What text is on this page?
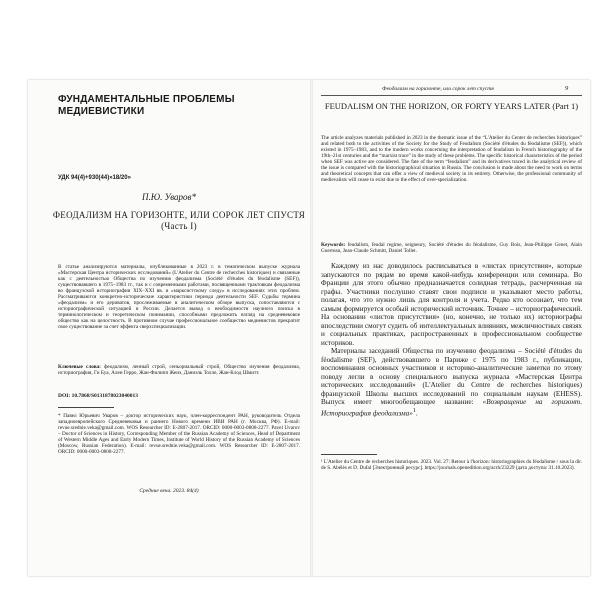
ФУНДАМЕНТАЛЬНЫЕ ПРОБЛЕМЫ МЕДИЕВИСТИКИ
УДК 94(4)+930(44)»18/20»
П.Ю. Уваров*
ФЕОДАЛИЗМ НА ГОРИЗОНТЕ, ИЛИ СОРОК ЛЕТ СПУСТЯ (Часть I)
В статье анализируются материалы, опубликованные в 2023 г. в тематическом выпуске журнала «Мастерская Центра исторических исследований» (L'Atelier du Centre de recherches historiques) и связанные как с деятельностью Общества по изучению феодализма (Société d'études du féodalisme (SEF)), существовавшего в 1975–1983 гг., так и с современными работами, посвященными трактовкам феодализма во французской историографии XIX–XXI вв. и «марксистскому следу» в исследованиях этих проблем. Рассматриваются конкретно-исторические характеристики периода деятельности SEF. Судьбы термина «феодализм» и его дериватов, прослеживаемые в аналитическом обзоре выпуска, сопоставляются с историографической ситуацией в России. Делается вывод о необходимости научного поиска в терминологическом и теоретическом понимании, способными предложить взгляд на средневековое общество как на целостность. В противном случае профессиональное сообщество медиевистов прекратит свое существование за счет эффекта сверхспециализации.
Ключевые слова: феодализм, ленный строй, сеньориальный строй, Общество изучения феодализма, историография, Ги Буа, Ален Герро, Жан-Филипп Женэ, Даниэль Толле, Жан-Клод Шмитт.
DOI: 10.7868/S0131878023040013
* Павел Юрьевич Уваров – доктор исторических наук, член-корреспондент РАН, руководитель Отдела западноевропейского Средневековья и раннего Нового времени ИВИ РАН (г. Москва, РФ). E-mail: revue.srednie.veka@gmail.com. WOS Researcher ID: E-2807-2017. ORCID: 0000-0003-0808-2277. Pavel Uvarov – Doctor of Sciences in History, Corresponding Member of the Russian Academy of Sciences, Head of Department of Western Middle Ages and Early Modern Times, Institute of World History of the Russian Academy of Sciences (Moscow, Russian Federation). E-mail: revue.srednie.veka@gmail.com. WOS Researcher ID: E-2807-2017. ORCID: 0000-0003-0808-2277.
Средние века. 2023. 84(4)
Феодализм на горизонте, или сорок лет спустя	9
FEUDALISM ON THE HORIZON, OR FORTY YEARS LATER (Part 1)
The article analyzes materials published in 2023 in the thematic issue of the “L'Atelier du Center de recherches historiques” and related both to the activities of the Society for the Study of Feudalism (Société d'études du féodalisme (SEF)), which existed in 1975–1983, and to the modern works concerning the interpretation of feudalism in French historiography of the 19th–21st centuries and the “marxist trace” in the study of these problems. The specific historical characteristics of the period when SEF was active are considered. The fate of the term “feudalism” and its derivatives traced in the analytical review of the issue is compared with the historiographical situation in Russia. The conclusion is made about the need to work on terms and theoretical concepts that can offer a view of medieval society in its entirety. Otherwise, the professional community of medievalists will cease to exist due to the effect of over-specialization.
Keywords: feudalism, feudal regime, seigneury, Société d'études du féodalisme, Guy Bois, Jean-Philippe Genet, Alain Guerreau, Jean-Claude Schmitt, Daniel Tollet.

Каждому из нас доводилось расписываться в «листах присутствия», которые запускаются по рядам во время какой-нибудь конференции или семинара. Во Франции для этого обычно предназначается солидная тетрадь, расчерченная на графы. Участники послушно ставят свои подписи и указывают место работы, полагая, что это нужно лишь для контроля и учета. Редко кто осознает, что тем самым формируется особый исторический источник. Точнее – историографический. На основании «листов присутствия» (но, конечно, не только их) историографы впоследствии смогут судить об интеллектуальных влияниях, межличностных связях и социальных практиках, распространенных в профессиональном сообществе историков.

Материалы заседаний Общества по изучению феодализма – Société d'études du féodalisme (SEF), действовавшего в Париже с 1975 по 1983 г., публикации, воспоминания основных участников и историко-аналитические заметки по этому поводу легли в основу специального выпуска журнала «Мастерская Центра исторических исследований» (L'Atelier du Centre de recherches historiques) французской Школы высших исследований по социальным наукам (EHESS). Выпуск имеет многообещающее название: «Возвращение на горизонт. Историография феодализма»$^1$.

¹ L'Atelier du Centre de recherches historiques. 2023. Vol. 27: Retour à l'horizon: historiographies du féodalisme / sous la dir. de S. Abélès et D. Dufal [Электронный ресурс]. https://journals.openedition.org/acrh/23229 (дата доступа: 31.10.2023).
